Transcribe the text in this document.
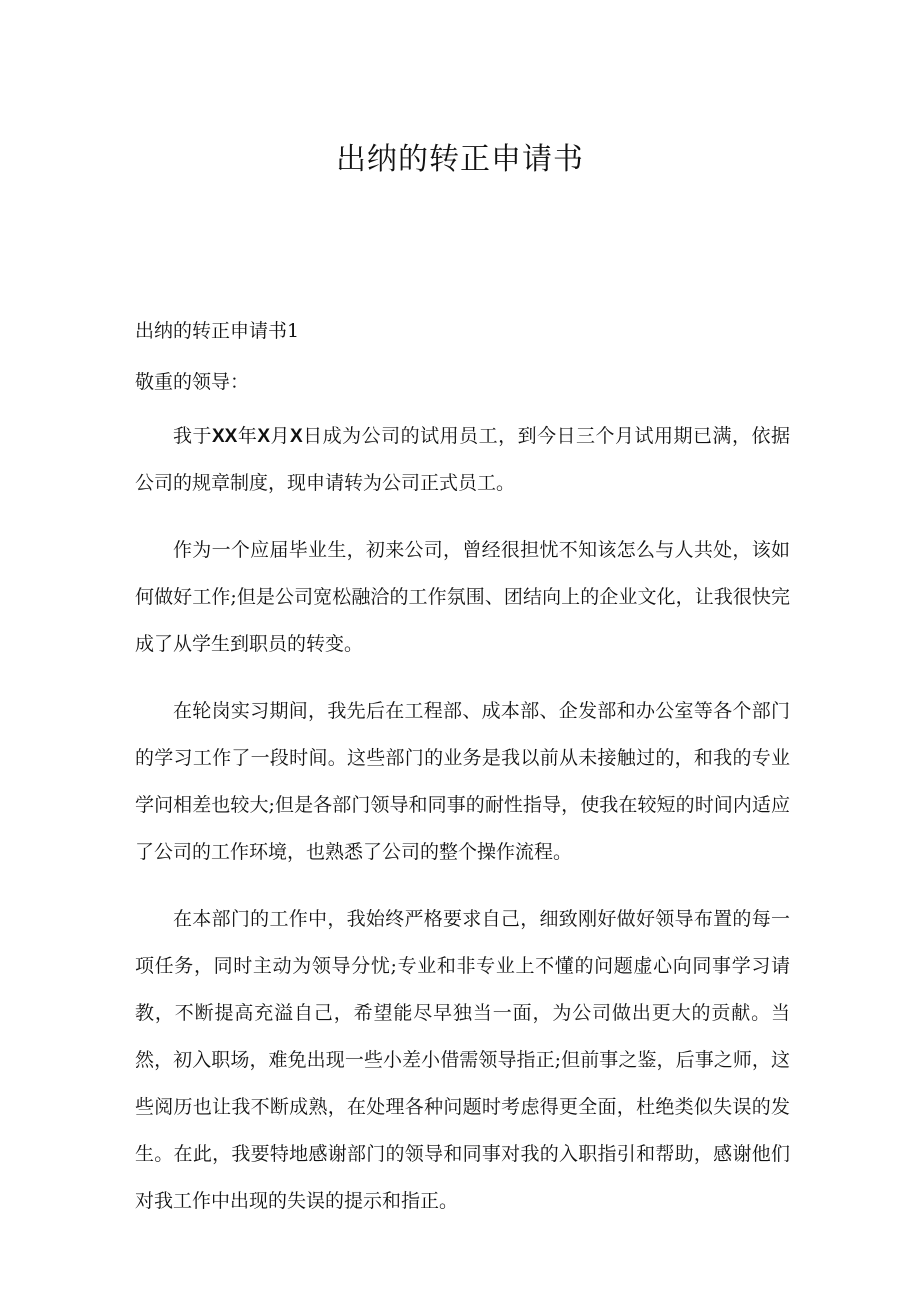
出纳的转正申请书

出纳的转正申请书1

敬重的领导：

我于XX年X月X日成为公司的试用员工，到今日三个月试用期已满，依据公司的规章制度，现申请转为公司正式员工。

作为一个应届毕业生，初来公司，曾经很担忧不知该怎么与人共处，该如何做好工作;但是公司宽松融洽的工作氛围、团结向上的企业文化，让我很快完成了从学生到职员的转变。

在轮岗实习期间，我先后在工程部、成本部、企发部和办公室等各个部门的学习工作了一段时间。这些部门的业务是我以前从未接触过的，和我的专业学问相差也较大;但是各部门领导和同事的耐性指导，使我在较短的时间内适应了公司的工作环境，也熟悉了公司的整个操作流程。

在本部门的工作中，我始终严格要求自己，细致刚好做好领导布置的每一项任务，同时主动为领导分忧;专业和非专业上不懂的问题虚心向同事学习请教，不断提高充溢自己，希望能尽早独当一面，为公司做出更大的贡献。当然，初入职场，难免出现一些小差小借需领导指正;但前事之鉴，后事之师，这些阅历也让我不断成熟，在处理各种问题时考虑得更全面，杜绝类似失误的发生。在此，我要特地感谢部门的领导和同事对我的入职指引和帮助，感谢他们对我工作中出现的失误的提示和指正。
